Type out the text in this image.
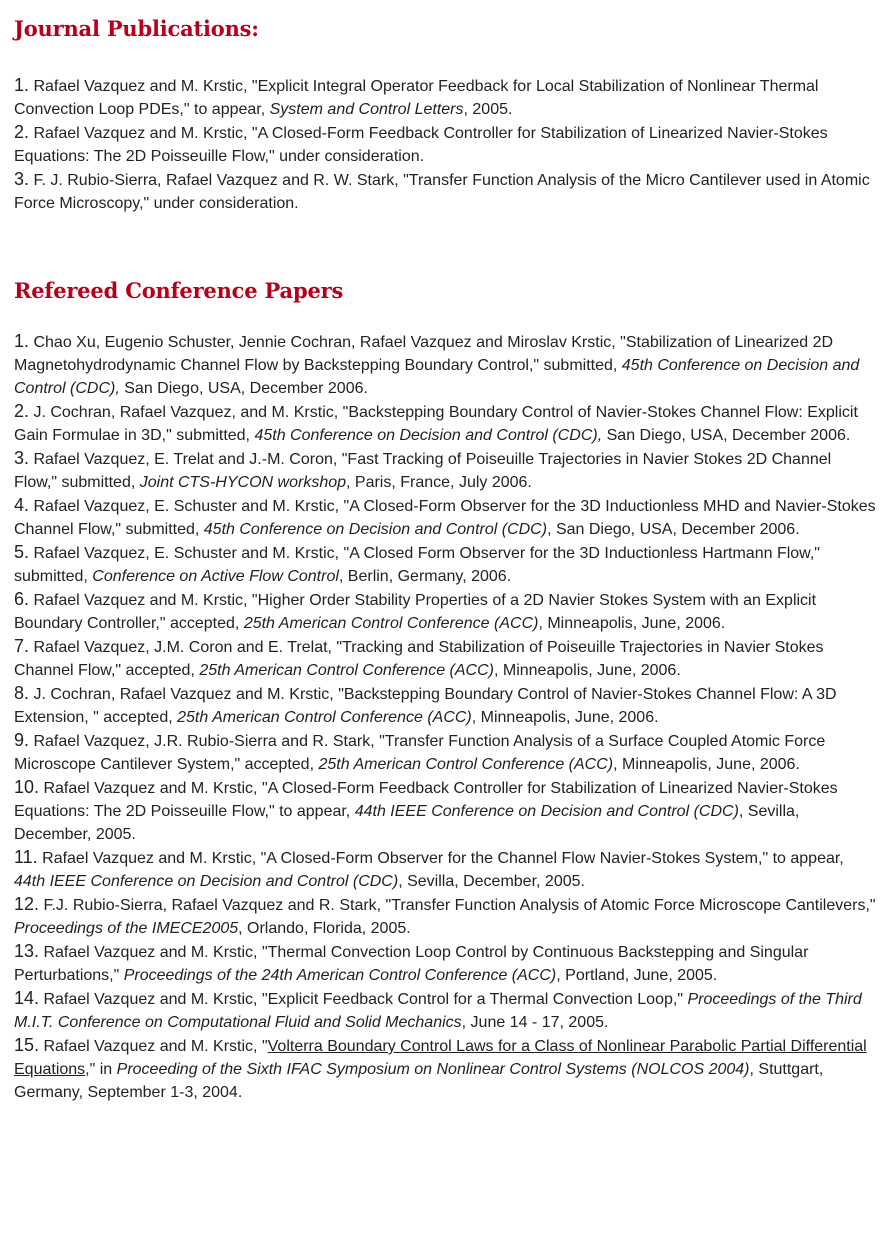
Journal Publications:

1. Rafael Vazquez and M. Krstic, "Explicit Integral Operator Feedback for Local Stabilization of Nonlinear Thermal Convection Loop PDEs," to appear, System and Control Letters, 2005.

2. Rafael Vazquez and M. Krstic, "A Closed-Form Feedback Controller for Stabilization of Linearized Navier-Stokes Equations: The 2D Poisseuille Flow," under consideration.

3. F. J. Rubio-Sierra, Rafael Vazquez and R. W. Stark, "Transfer Function Analysis of the Micro Cantilever used in Atomic Force Microscopy," under consideration.

Refereed Conference Papers

1. Chao Xu, Eugenio Schuster, Jennie Cochran, Rafael Vazquez and Miroslav Krstic, "Stabilization of Linearized 2D Magnetohydrodynamic Channel Flow by Backstepping Boundary Control," submitted, 45th Conference on Decision and Control (CDC), San Diego, USA, December 2006.

2. J. Cochran, Rafael Vazquez, and M. Krstic, "Backstepping Boundary Control of Navier-Stokes Channel Flow: Explicit Gain Formulae in 3D," submitted, 45th Conference on Decision and Control (CDC), San Diego, USA, December 2006.

3. Rafael Vazquez, E. Trelat and J.-M. Coron, "Fast Tracking of Poiseuille Trajectories in Navier Stokes 2D Channel Flow," submitted, Joint CTS-HYCON workshop, Paris, France, July 2006.

4. Rafael Vazquez, E. Schuster and M. Krstic, "A Closed-Form Observer for the 3D Inductionless MHD and Navier-Stokes Channel Flow," submitted, 45th Conference on Decision and Control (CDC), San Diego, USA, December 2006.

5. Rafael Vazquez, E. Schuster and M. Krstic, "A Closed Form Observer for the 3D Inductionless Hartmann Flow," submitted, Conference on Active Flow Control, Berlin, Germany, 2006.

6. Rafael Vazquez and M. Krstic, "Higher Order Stability Properties of a 2D Navier Stokes System with an Explicit Boundary Controller," accepted, 25th American Control Conference (ACC), Minneapolis, June, 2006.

7. Rafael Vazquez, J.M. Coron and E. Trelat, "Tracking and Stabilization of Poiseuille Trajectories in Navier Stokes Channel Flow," accepted, 25th American Control Conference (ACC), Minneapolis, June, 2006.

8. J. Cochran, Rafael Vazquez and M. Krstic, "Backstepping Boundary Control of Navier-Stokes Channel Flow: A 3D Extension, " accepted, 25th American Control Conference (ACC), Minneapolis, June, 2006.

9. Rafael Vazquez, J.R. Rubio-Sierra and R. Stark, "Transfer Function Analysis of a Surface Coupled Atomic Force Microscope Cantilever System," accepted, 25th American Control Conference (ACC), Minneapolis, June, 2006.

10. Rafael Vazquez and M. Krstic, "A Closed-Form Feedback Controller for Stabilization of Linearized Navier-Stokes Equations: The 2D Poisseuille Flow," to appear, 44th IEEE Conference on Decision and Control (CDC), Sevilla, December, 2005.

11. Rafael Vazquez and M. Krstic, "A Closed-Form Observer for the Channel Flow Navier-Stokes System," to appear, 44th IEEE Conference on Decision and Control (CDC), Sevilla, December, 2005.

12. F.J. Rubio-Sierra, Rafael Vazquez and R. Stark, "Transfer Function Analysis of Atomic Force Microscope Cantilevers," Proceedings of the IMECE2005, Orlando, Florida, 2005.

13. Rafael Vazquez and M. Krstic, "Thermal Convection Loop Control by Continuous Backstepping and Singular Perturbations," Proceedings of the 24th American Control Conference (ACC), Portland, June, 2005.

14. Rafael Vazquez and M. Krstic, "Explicit Feedback Control for a Thermal Convection Loop," Proceedings of the Third M.I.T. Conference on Computational Fluid and Solid Mechanics, June 14 - 17, 2005.

15. Rafael Vazquez and M. Krstic, "Volterra Boundary Control Laws for a Class of Nonlinear Parabolic Partial Differential Equations," in Proceeding of the Sixth IFAC Symposium on Nonlinear Control Systems (NOLCOS 2004), Stuttgart, Germany, September 1-3, 2004.
